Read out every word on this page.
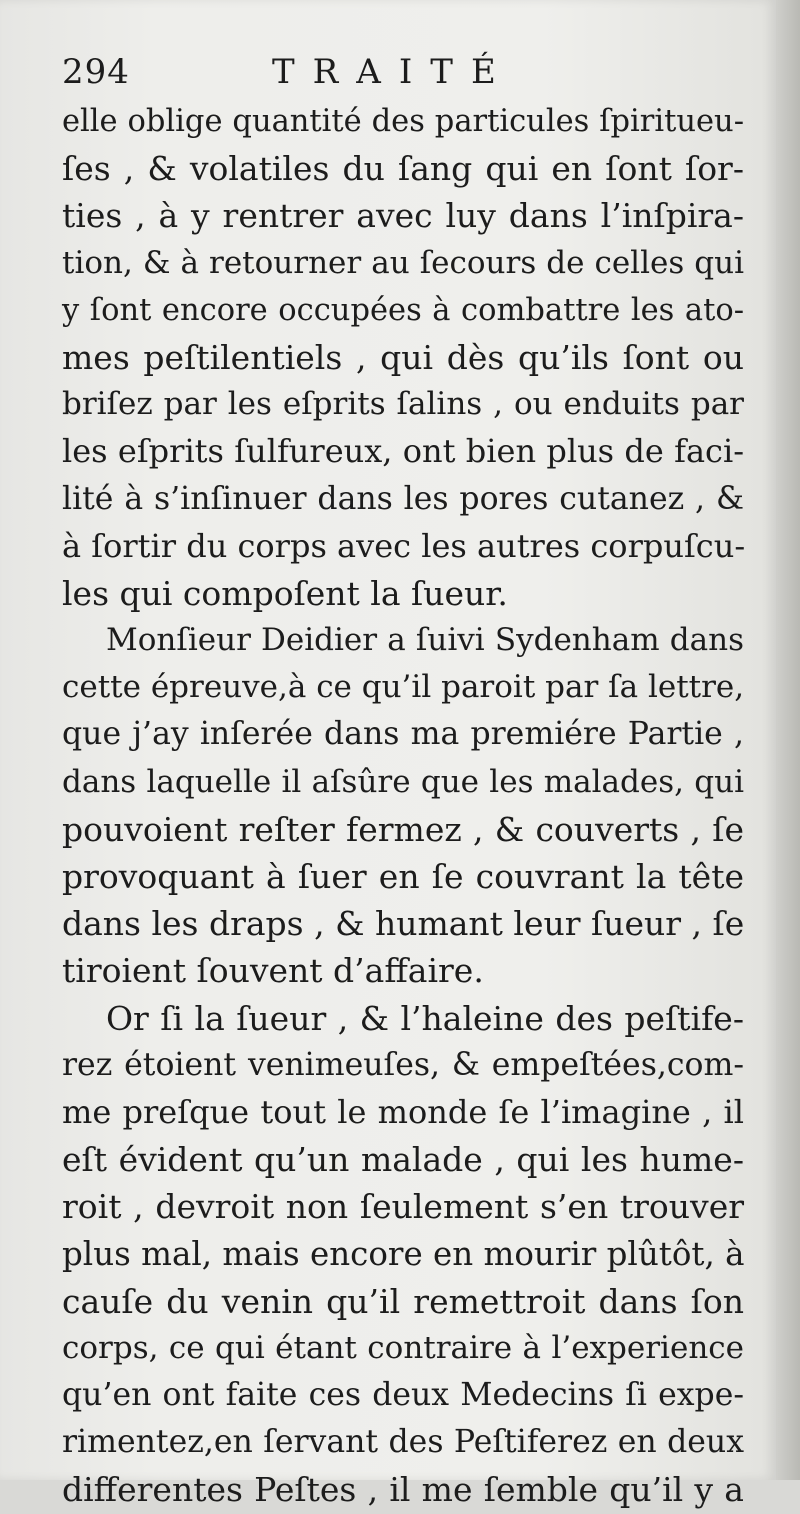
294	TRAITÉ
elle oblige quantité des particules ſpiritueu-
ſes , & volatiles du ſang qui en ſont ſor-
ties , à y rentrer avec luy dans l’inſpira-
tion, & à retourner au ſecours de celles qui
y ſont encore occupées à combattre les ato-
mes peſtilentiels , qui dès qu’ils ſont ou
briſez par les eſprits ſalins , ou enduits par
les eſprits ſulfureux, ont bien plus de faci-
lité à s’inſinuer dans les pores cutanez , &
à ſortir du corps avec les autres corpuſcu-
les qui compoſent la ſueur.
Monſieur Deidier a ſuivi Sydenham dans
cette épreuve,à ce qu’il paroit par ſa lettre,
que j’ay inſerée dans ma premiére Partie ,
dans laquelle il aſsûre que les malades, qui
pouvoient reſter fermez , & couverts , ſe
provoquant à ſuer en ſe couvrant la tête
dans les draps , & humant leur ſueur , ſe
tiroient ſouvent d’affaire.
Or ſi la ſueur , & l’haleine des peſtife-
rez étoient venimeuſes, & empeſtées,com-
me preſque tout le monde ſe l’imagine , il
eſt évident qu’un malade , qui les hume-
roit , devroit non ſeulement s’en trouver
plus mal, mais encore en mourir plûtôt, à
cauſe du venin qu’il remettroit dans ſon
corps, ce qui étant contraire à l’experience
qu’en ont faite ces deux Medecins ſi expe-
rimentez,en ſervant des Peſtiferez en deux
differentes Peſtes , il me ſemble qu’il y a
